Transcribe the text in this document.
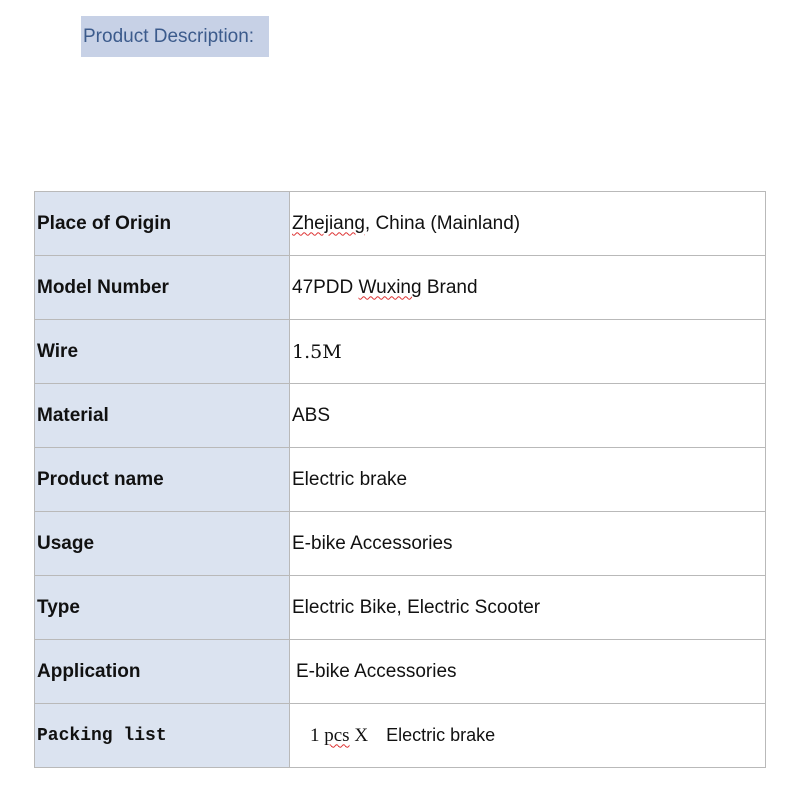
Product Description:
Place of Origin	Zhejiang, China (Mainland)
Model Number	47PDD Wuxing Brand
Wire	1.5M
Material	ABS
Product name	Electric brake
Usage	E-bike Accessories
Type	Electric Bike, Electric Scooter
Application	E-bike Accessories
Packing list	1 pcs X Electric brake
